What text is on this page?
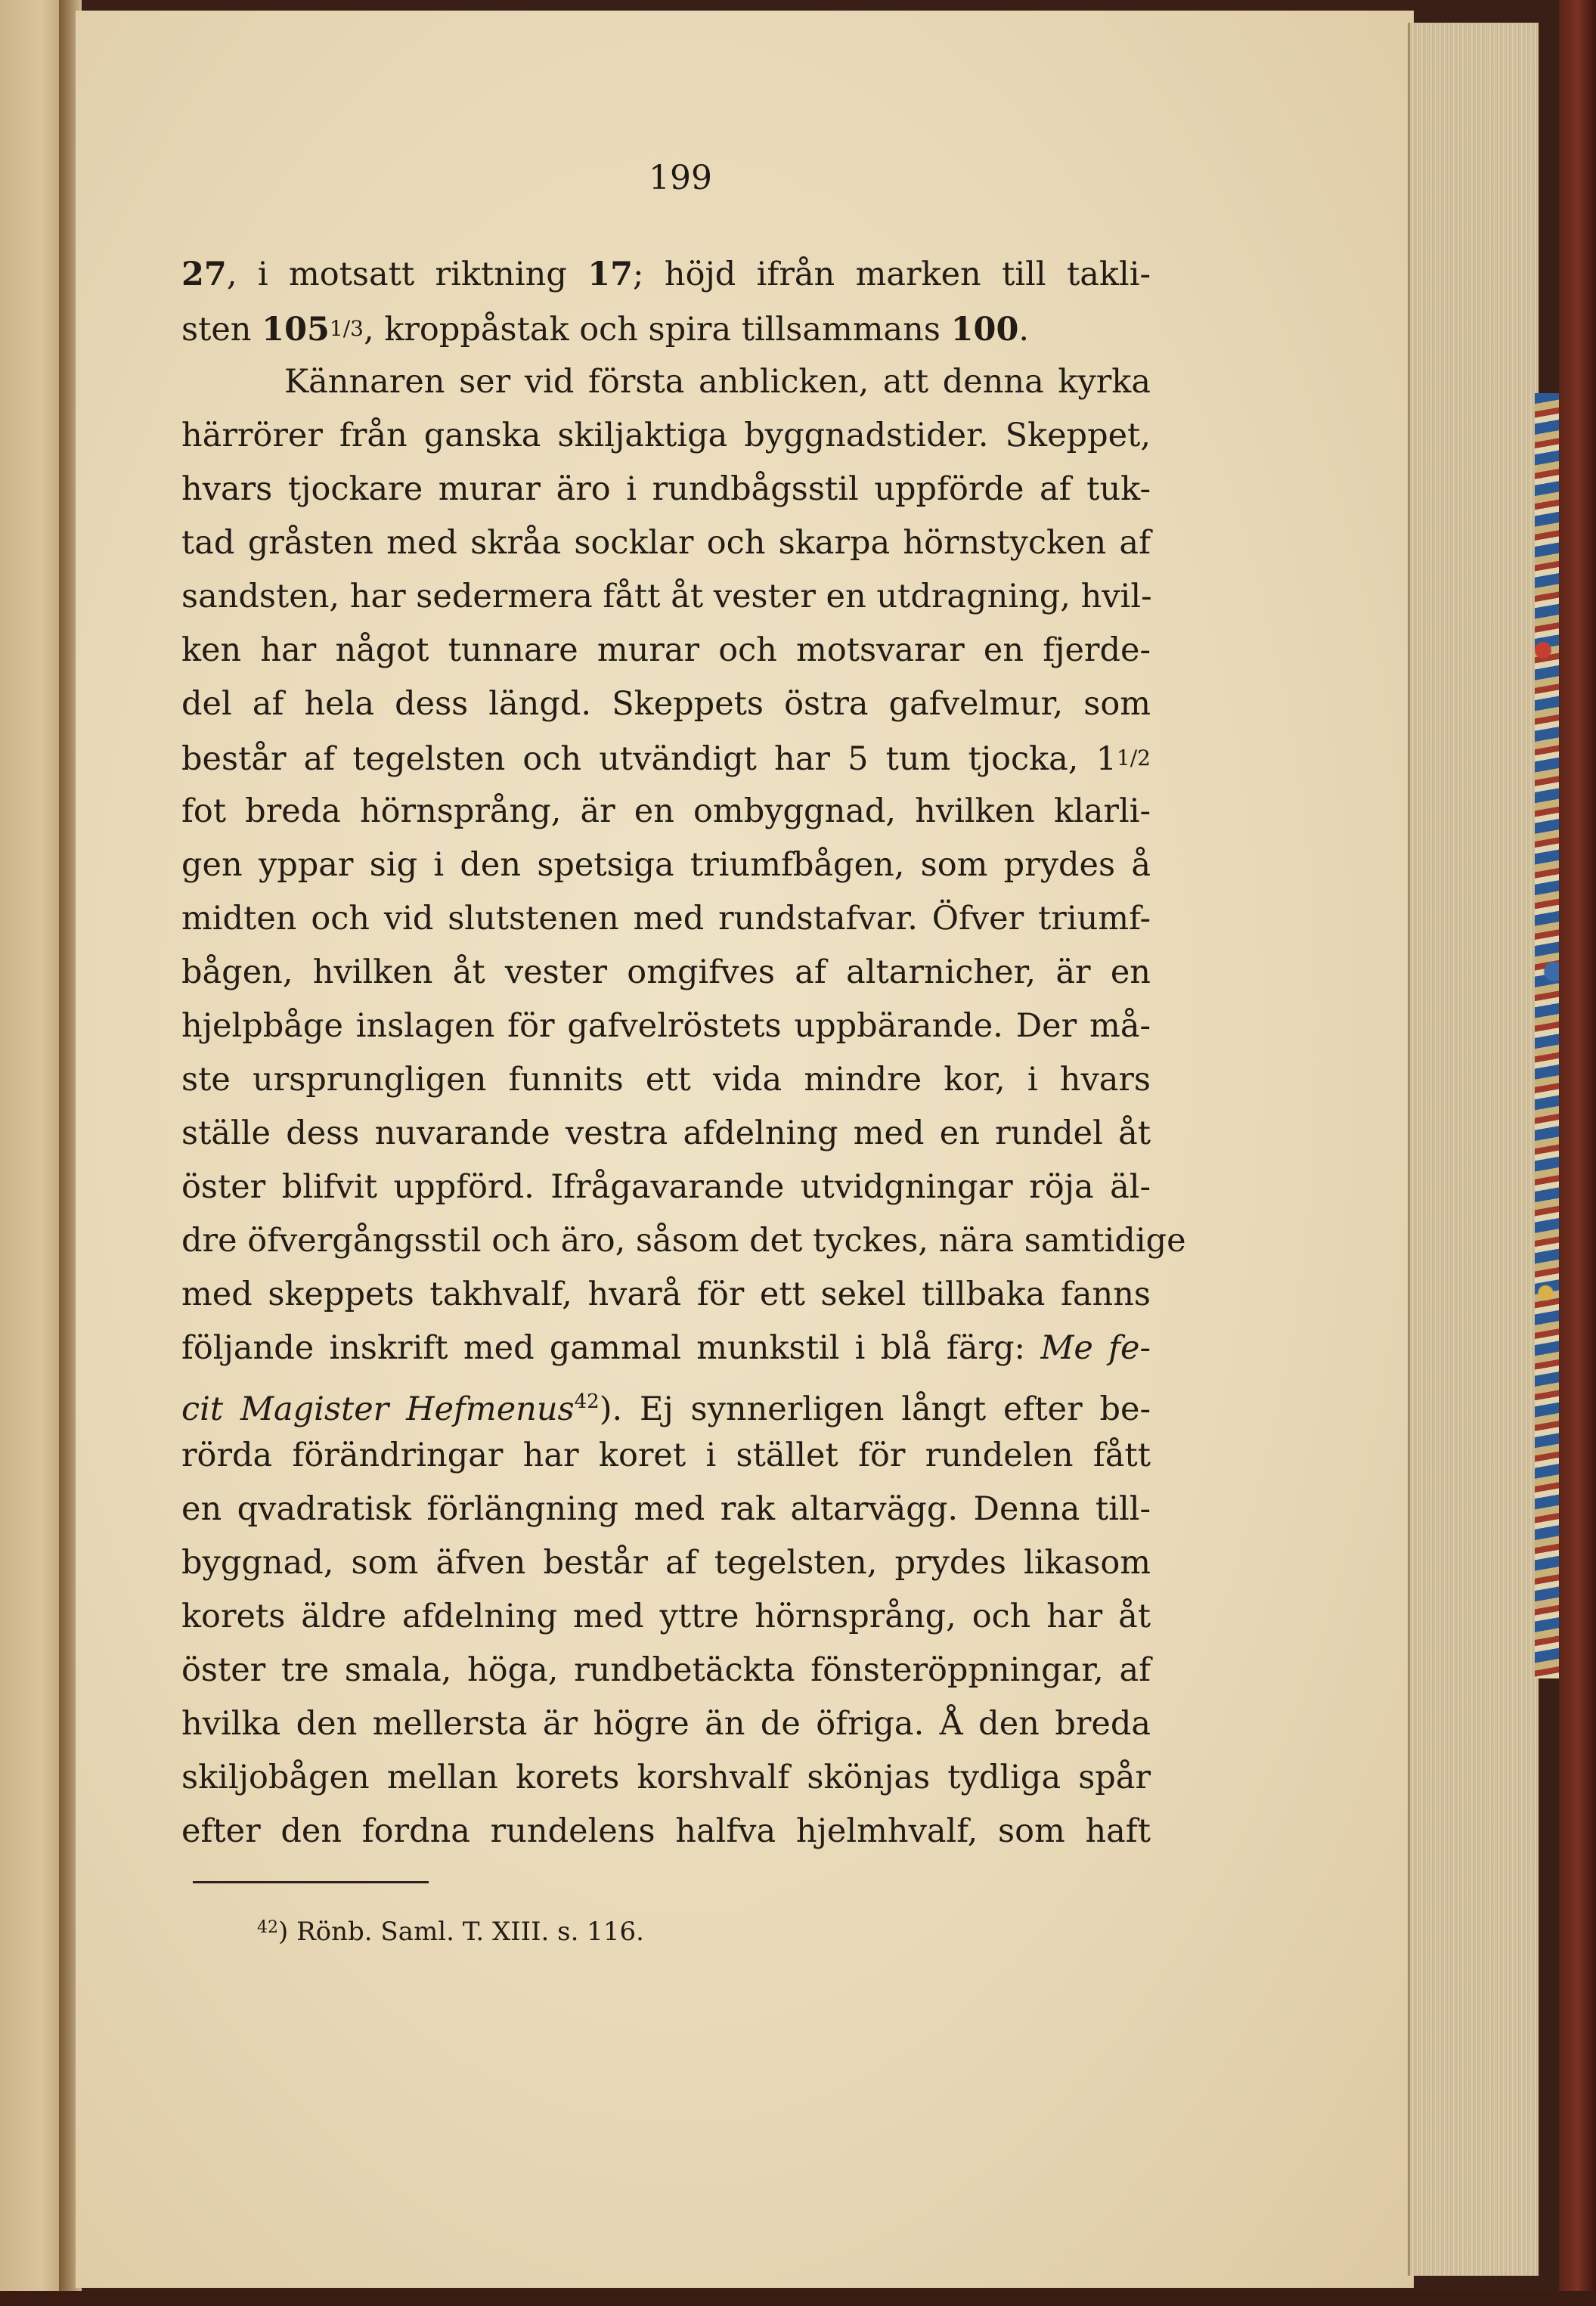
199
27, i motsatt riktning 17; höjd ifrån marken till takli-
sten 1051/3, kroppåstak och spira tillsammans 100.
Kännaren ser vid första anblicken, att denna kyrka
härrörer från ganska skiljaktiga byggnadstider. Skeppet,
hvars tjockare murar äro i rundbågsstil uppförde af tuk-
tad gråsten med skråa socklar och skarpa hörnstycken af
sandsten, har sedermera fått åt vester en utdragning, hvil-
ken har något tunnare murar och motsvarar en fjerde-
del af hela dess längd. Skeppets östra gafvelmur, som
består af tegelsten och utvändigt har 5 tum tjocka, 11/2
fot breda hörnsprång, är en ombyggnad, hvilken klarli-
gen yppar sig i den spetsiga triumfbågen, som prydes å
midten och vid slutstenen med rundstafvar. Öfver triumf-
bågen, hvilken åt vester omgifves af altarnicher, är en
hjelpbåge inslagen för gafvelröstets uppbärande. Der må-
ste ursprungligen funnits ett vida mindre kor, i hvars
ställe dess nuvarande vestra afdelning med en rundel åt
öster blifvit uppförd. Ifrågavarande utvidgningar röja äl-
dre öfvergångsstil och äro, såsom det tyckes, nära samtidige
med skeppets takhvalf, hvarå för ett sekel tillbaka fanns
följande inskrift med gammal munkstil i blå färg: Me fe-
cit Magister Hefmenus$^{42}$). Ej synnerligen långt efter be-
rörda förändringar har koret i stället för rundelen fått
en qvadratisk förlängning med rak altarvägg. Denna till-
byggnad, som äfven består af tegelsten, prydes likasom
korets äldre afdelning med yttre hörnsprång, och har åt
öster tre smala, höga, rundbetäckta fönsteröppningar, af
hvilka den mellersta är högre än de öfriga. Å den breda
skiljobågen mellan korets korshvalf skönjas tydliga spår
efter den fordna rundelens halfva hjelmhvalf, som haft
$^{42}$) Rönb. Saml. T. XIII. s. 116.
